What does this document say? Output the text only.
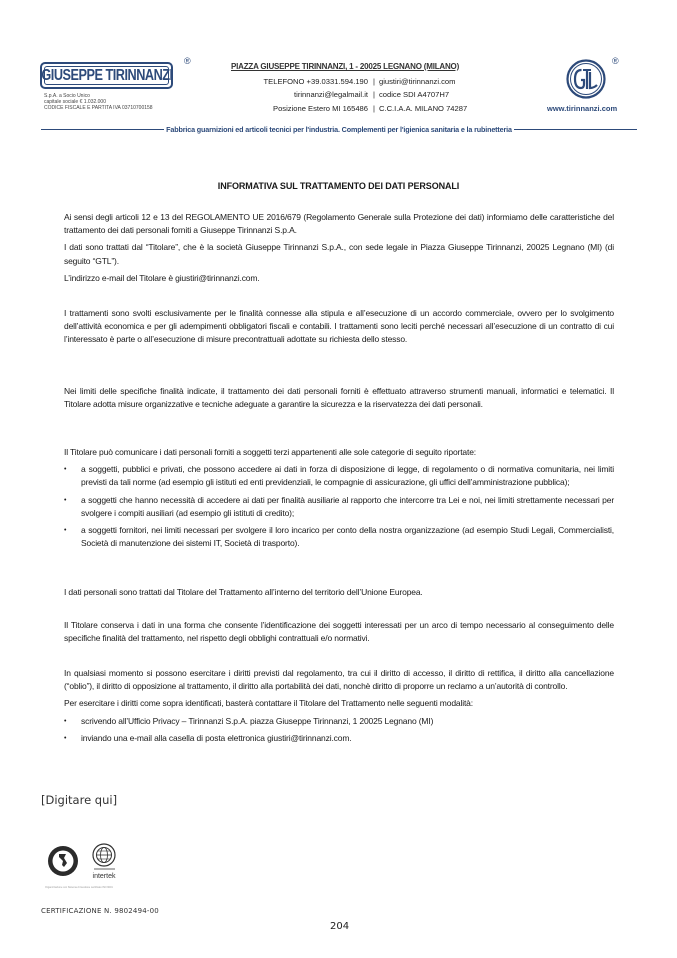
GIUSEPPE TIRINNANZI
®
S.p.A. a Socio Unico
capitale sociale € 1.032.000
CODICE FISCALE E PARTITA IVA 03710700158
PIAZZA GIUSEPPE TIRINNANZI, 1 - 20025 LEGNANO (MILANO)
TELEFONO +39.0331.594.190 | giustiri@tirinnanzi.com
tirinnanzi@legalmail.it | codice SDI A4707H7
Posizione Estero MI 165486 | C.C.I.A.A. MILANO 74287
®
www.tirinnanzi.com
Fabbrica guarnizioni ed articoli tecnici per l'industria. Complementi per l'igienica sanitaria e la rubinetteria
INFORMATIVA SUL TRATTAMENTO DEI DATI PERSONALI

Ai sensi degli articoli 12 e 13 del REGOLAMENTO UE 2016/679 (Regolamento Generale sulla Protezione dei dati) informiamo delle caratteristiche del trattamento dei dati personali forniti a Giuseppe Tirinnanzi S.p.A.

I dati sono trattati dal “Titolare”, che è la società Giuseppe Tirinnanzi S.p.A., con sede legale in Piazza Giuseppe Tirinnanzi, 20025 Legnano (MI) (di seguito “GTL”).

L’indirizzo e-mail del Titolare è giustiri@tirinnanzi.com.

I trattamenti sono svolti esclusivamente per le finalità connesse alla stipula e all’esecuzione di un accordo commerciale, ovvero per lo svolgimento dell’attività economica e per gli adempimenti obbligatori fiscali e contabili. I trattamenti sono leciti perché necessari all’esecuzione di un contratto di cui l’interessato è parte o all’esecuzione di misure precontrattuali adottate su richiesta dello stesso.

Nei limiti delle specifiche finalità indicate, il trattamento dei dati personali forniti è effettuato attraverso strumenti manuali, informatici e telematici. Il Titolare adotta misure organizzative e tecniche adeguate a garantire la sicurezza e la riservatezza dei dati personali.

Il Titolare può comunicare i dati personali forniti a soggetti terzi appartenenti alle sole categorie di seguito riportate:

• a soggetti, pubblici e privati, che possono accedere ai dati in forza di disposizione di legge, di regolamento o di normativa comunitaria, nei limiti previsti da tali norme (ad esempio gli istituti ed enti previdenziali, le compagnie di assicurazione, gli uffici dell’amministrazione pubblica);
• a soggetti che hanno necessità di accedere ai dati per finalità ausiliarie al rapporto che intercorre tra Lei e noi, nei limiti strettamente necessari per svolgere i compiti ausiliari (ad esempio gli istituti di credito);
• a soggetti fornitori, nei limiti necessari per svolgere il loro incarico per conto della nostra organizzazione (ad esempio Studi Legali, Commercialisti, Società di manutenzione dei sistemi IT, Società di trasporto).

I dati personali sono trattati dal Titolare del Trattamento all’interno del territorio dell’Unione Europea.

Il Titolare conserva i dati in una forma che consente l’identificazione dei soggetti interessati per un arco di tempo necessario al conseguimento delle specifiche finalità del trattamento, nel rispetto degli obblighi contrattuali e/o normativi.

In qualsiasi momento si possono esercitare i diritti previsti dal regolamento, tra cui il diritto di accesso, il diritto di rettifica, il diritto alla cancellazione (“oblio”), il diritto di opposizione al trattamento, il diritto alla portabilità dei dati, nonchè diritto di proporre un reclamo a un’autorità di controllo.

Per esercitare i diritti come sopra identificati, basterà contattare il Titolare del Trattamento nelle seguenti modalità:

• scrivendo all’Ufficio Privacy – Tirinnanzi S.p.A. piazza Giuseppe Tirinnanzi, 1 20025 Legnano (MI)
• inviando una e-mail alla casella di posta elettronica giustiri@tirinnanzi.com.
[Digitare qui]
intertek
Organizzazione con Sistema di Gestione certificato ISO 9001
CERTIFICAZIONE N. 9802494-00
204
